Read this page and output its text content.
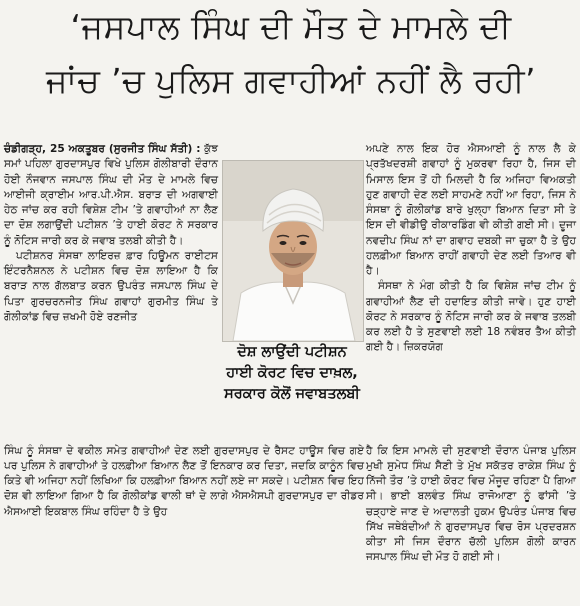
‘ਜਸਪਾਲ ਸਿੰਘ ਦੀ ਮੌਤ ਦੇ ਮਾਮਲੇ ਦੀ
ਜਾਂਚ ’ਚ ਪੁਲਿਸ ਗਵਾਹੀਆਂ ਨਹੀਂ ਲੈ ਰਹੀ’

ਚੰਡੀਗੜ੍ਹ, 25 ਅਕਤੂਬਰ (ਸੁਰਜੀਤ ਸਿੰਘ ਸੱਤੀ) : ਕੁੱਝ ਸਮਾਂ ਪਹਿਲਾ ਗੁਰਦਾਸਪੁਰ ਵਿਖੇ ਪੁਲਿਸ ਗੋਲੀਬਾਰੀ ਦੌਰਾਨ ਹੋਈ ਨੌਜਵਾਨ ਜਸਪਾਲ ਸਿੰਘ ਦੀ ਮੌਤ ਦੇ ਮਾਮਲੇ ਵਿਚ ਆਈਜੀ ਕ੍ਰਾਈਮ ਆਰ.ਪੀ.ਐਸ. ਬਰਾੜ ਦੀ ਅਗਵਾਈ ਹੇਠ ਜਾਂਚ ਕਰ ਰਹੀ ਵਿਸ਼ੇਸ਼ ਟੀਮ ’ਤੇ ਗਵਾਹੀਆਂ ਨਾ ਲੈਣ ਦਾ ਦੋਸ਼ ਲਗਾਉਂਦੀ ਪਟੀਸ਼ਨ ’ਤੇ ਹਾਈ ਕੋਰਟ ਨੇ ਸਰਕਾਰ ਨੂੰ ਨੋਟਿਸ ਜਾਰੀ ਕਰ ਕੇ ਜਵਾਬ ਤਲਬੀ ਕੀਤੀ ਹੈ।

ਪਟੀਸ਼ਨਰ ਸੰਸਥਾ ਲਾਇਰਜ਼ ਫ਼ਾਰ ਹਿਊਮਨ ਰਾਈਟਸ ਇੰਟਰਨੈਸ਼ਨਲ ਨੇ ਪਟੀਸ਼ਨ ਵਿਚ ਦੋਸ਼ ਲਾਇਆ ਹੈ ਕਿ ਬਰਾੜ ਨਾਲ ਗੱਲਬਾਤ ਕਰਨ ਉਪਰੰਤ ਜਸਪਾਲ ਸਿੰਘ ਦੇ ਪਿਤਾ ਗੁਰਚਰਨਜੀਤ ਸਿੰਘ ਗਵਾਹਾਂ ਗੁਰਮੀਤ ਸਿੰਘ ਤੇ ਗੋਲੀਕਾਂਡ ਵਿਚ ਜ਼ਖਮੀ ਹੋਏ ਰਣਜੀਤ

ਦੋਸ਼ ਲਾਉਂਦੀ ਪਟੀਸ਼ਨ ਹਾਈ ਕੋਰਟ ਵਿਚ ਦਾਖ਼ਲ, ਸਰਕਾਰ ਕੋਲੋਂ ਜਵਾਬਤਲਬੀ

ਅਪਣੇ ਨਾਲ ਇਕ ਹੋਰ ਐਸਆਈ ਨੂੰ ਨਾਲ ਲੈ ਕੇ ਪ੍ਰਤੱਖਦਰਸ਼ੀ ਗਵਾਹਾਂ ਨੂੰ ਮੁਕਰਵਾ ਰਿਹਾ ਹੈ, ਜਿਸ ਦੀ ਮਿਸਾਲ ਇਸ ਤੋਂ ਹੀ ਮਿਲਦੀ ਹੈ ਕਿ ਅਜਿਹਾ ਵਿਅਕਤੀ ਹੁਣ ਗਵਾਹੀ ਦੇਣ ਲਈ ਸਾਹਮਣੇ ਨਹੀਂ ਆ ਰਿਹਾ, ਜਿਸ ਨੇ ਸੰਸਥਾ ਨੂੰ ਗੋਲੀਕਾਂਡ ਬਾਰੇ ਖੁਲ੍ਹਾ ਬਿਆਨ ਦਿਤਾ ਸੀ ਤੇ ਇਸ ਦੀ ਵੀਡੀਉ ਰੀਕਾਰਡਿੰਗ ਵੀ ਕੀਤੀ ਗਈ ਸੀ। ਦੂਜਾ ਨਵਦੀਪ ਸਿੰਘ ਨਾਂ ਦਾ ਗਵਾਹ ਦਬਕੀ ਜਾ ਚੁਕਾ ਹੈ ਤੇ ਉਹ ਹਲਫ਼ੀਆ ਬਿਆਨ ਰਾਹੀਂ ਗਵਾਹੀ ਦੇਣ ਲਈ ਤਿਆਰ ਵੀ ਹੈ।

ਸੰਸਥਾ ਨੇ ਮੰਗ ਕੀਤੀ ਹੈ ਕਿ ਵਿਸ਼ੇਸ਼ ਜਾਂਚ ਟੀਮ ਨੂੰ ਗਵਾਹੀਆਂ ਲੈਣ ਦੀ ਹਦਾਇਤ ਕੀਤੀ ਜਾਵੇ। ਹੁਣ ਹਾਈ ਕੋਰਟ ਨੇ ਸਰਕਾਰ ਨੂੰ ਨੋਟਿਸ ਜਾਰੀ ਕਰ ਕੇ ਜਵਾਬ ਤਲਬੀ ਕਰ ਲਈ ਹੈ ਤੇ ਸੁਣਵਾਈ ਲਈ 18 ਨਵੰਬਰ ਤੈਅ ਕੀਤੀ ਗਈ ਹੈ। ਜ਼ਿਕਰਯੋਗ

ਸਿੰਘ ਨੂੰ ਸੰਸਥਾ ਦੇ ਵਕੀਲ ਸਮੇਤ ਗਵਾਹੀਆਂ ਦੇਣ ਲਈ ਗੁਰਦਾਸਪੁਰ ਦੇ ਰੈਸਟ ਹਾਊਸ ਵਿਚ ਗਏ ਪਰ ਪੁਲਿਸ ਨੇ ਗਵਾਹੀਆਂ ਤੇ ਹਲਫ਼ੀਆ ਬਿਆਨ ਲੈਣ ਤੋਂ ਇਨਕਾਰ ਕਰ ਦਿਤਾ, ਜਦਕਿ ਕਾਨੂੰਨ ਵਿਚ ਕਿਤੇ ਵੀ ਅਜਿਹਾ ਨਹੀਂ ਲਿਖਿਆ ਕਿ ਹਲਫ਼ੀਆ ਬਿਆਨ ਨਹੀਂ ਲਏ ਜਾ ਸਕਦੇ। ਪਟੀਸ਼ਨ ਵਿਚ ਇਹ ਦੋਸ਼ ਵੀ ਲਾਇਆ ਗਿਆ ਹੈ ਕਿ ਗੋਲੀਕਾਂਡ ਵਾਲੀ ਥਾਂ ਦੇ ਲਾਗੇ ਐਸਐਸਪੀ ਗੁਰਦਾਸਪੁਰ ਦਾ ਰੀਡਰ ਐਸਆਈ ਇਕਬਾਲ ਸਿੰਘ ਰਹਿੰਦਾ ਹੈ ਤੇ ਉਹ

ਹੈ ਕਿ ਇਸ ਮਾਮਲੇ ਦੀ ਸੁਣਵਾਈ ਦੌਰਾਨ ਪੰਜਾਬ ਪੁਲਿਸ ਮੁਖੀ ਸੁਮੇਧ ਸਿੰਘ ਸੈਣੀ ਤੇ ਮੁੱਖ ਸਕੱਤਰ ਰਾਕੇਸ਼ ਸਿੰਘ ਨੂੰ ਨਿੱਜੀ ਤੌਰ ’ਤੇ ਹਾਈ ਕੋਰਟ ਵਿਚ ਮੌਜੂਦ ਰਹਿਣਾ ਪੈ ਗਿਆ ਸੀ। ਭਾਈ ਬਲਵੰਤ ਸਿੰਘ ਰਾਜੋਆਣਾ ਨੂੰ ਫਾਂਸੀ ’ਤੇ ਚੜ੍ਹਾਏ ਜਾਣ ਦੇ ਅਦਾਲਤੀ ਹੁਕਮ ਉਪਰੰਤ ਪੰਜਾਬ ਵਿਚ ਸਿੱਖ ਜਥੇਬੰਦੀਆਂ ਨੇ ਗੁਰਦਾਸਪੁਰ ਵਿਚ ਰੋਸ ਪ੍ਰਦਰਸ਼ਨ ਕੀਤਾ ਸੀ ਜਿਸ ਦੌਰਾਨ ਚੱਲੀ ਪੁਲਿਸ ਗੋਲੀ ਕਾਰਨ ਜਸਪਾਲ ਸਿੰਘ ਦੀ ਮੌਤ ਹੋ ਗਈ ਸੀ।
